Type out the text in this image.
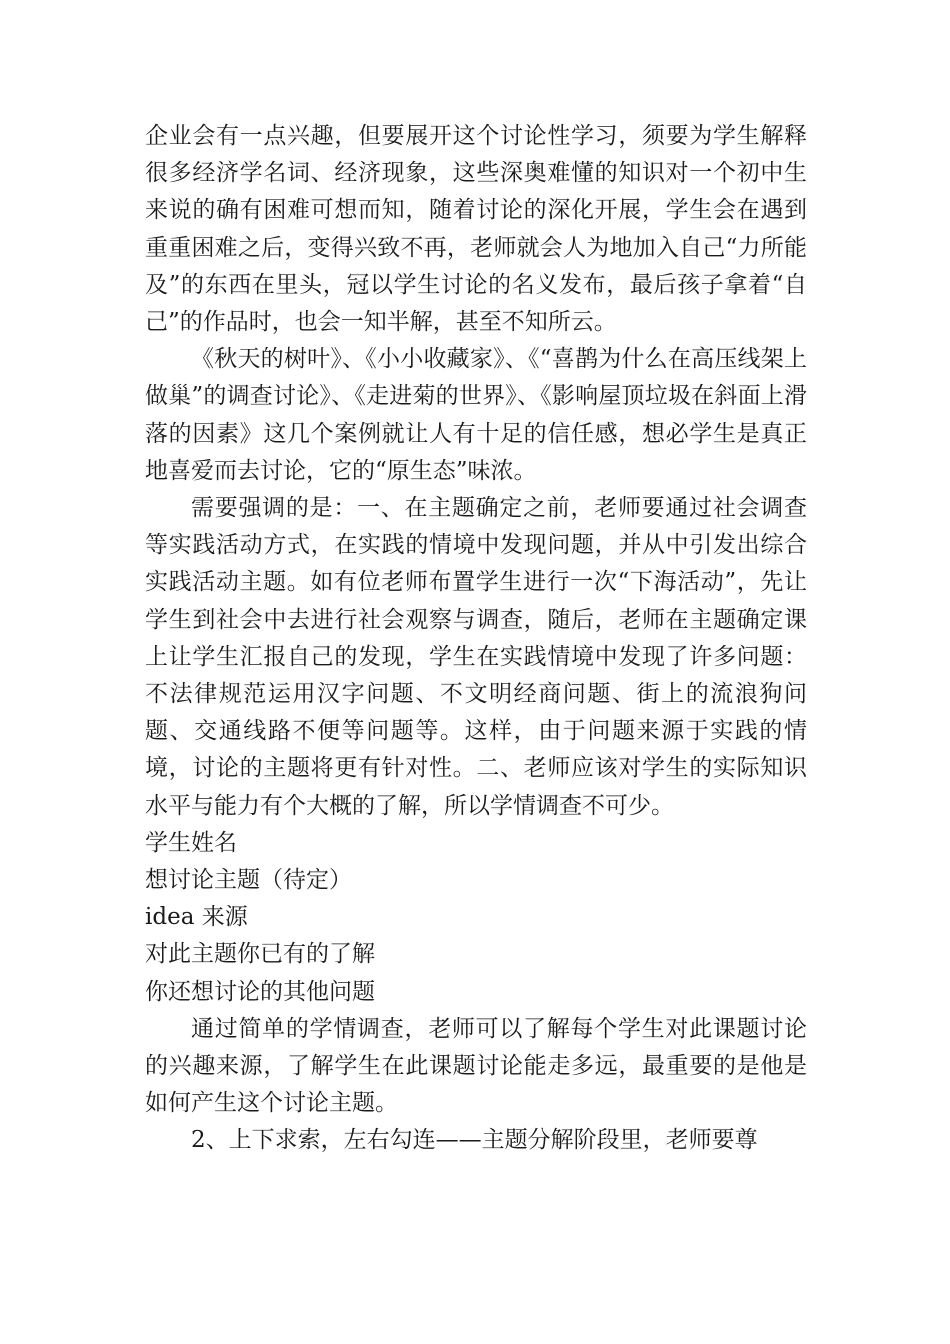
企业会有一点兴趣，但要展开这个讨论性学习，须要为学生解释很多经济学名词、经济现象，这些深奥难懂的知识对一个初中生来说的确有困难可想而知，随着讨论的深化开展，学生会在遇到重重困难之后，变得兴致不再，老师就会人为地加入自己“力所能及”的东西在里头，冠以学生讨论的名义发布，最后孩子拿着“自己”的作品时，也会一知半解，甚至不知所云。

《秋天的树叶》、《小小收藏家》、《“喜鹊为什么在高压线架上做巢”的调查讨论》、《走进菊的世界》、《影响屋顶垃圾在斜面上滑落的因素》这几个案例就让人有十足的信任感，想必学生是真正地喜爱而去讨论，它的“原生态”味浓。

需要强调的是：一、在主题确定之前，老师要通过社会调查等实践活动方式，在实践的情境中发现问题，并从中引发出综合实践活动主题。如有位老师布置学生进行一次“下海活动”，先让学生到社会中去进行社会观察与调查，随后，老师在主题确定课上让学生汇报自己的发现，学生在实践情境中发现了许多问题：不法律规范运用汉字问题、不文明经商问题、街上的流浪狗问题、交通线路不便等问题等。这样，由于问题来源于实践的情境，讨论的主题将更有针对性。二、老师应该对学生的实际知识水平与能力有个大概的了解，所以学情调查不可少。

学生姓名

想讨论主题（待定）

idea 来源

对此主题你已有的了解

你还想讨论的其他问题

通过简单的学情调查，老师可以了解每个学生对此课题讨论的兴趣来源，了解学生在此课题讨论能走多远，最重要的是他是如何产生这个讨论主题。

2、上下求索，左右勾连——主题分解阶段里，老师要尊
